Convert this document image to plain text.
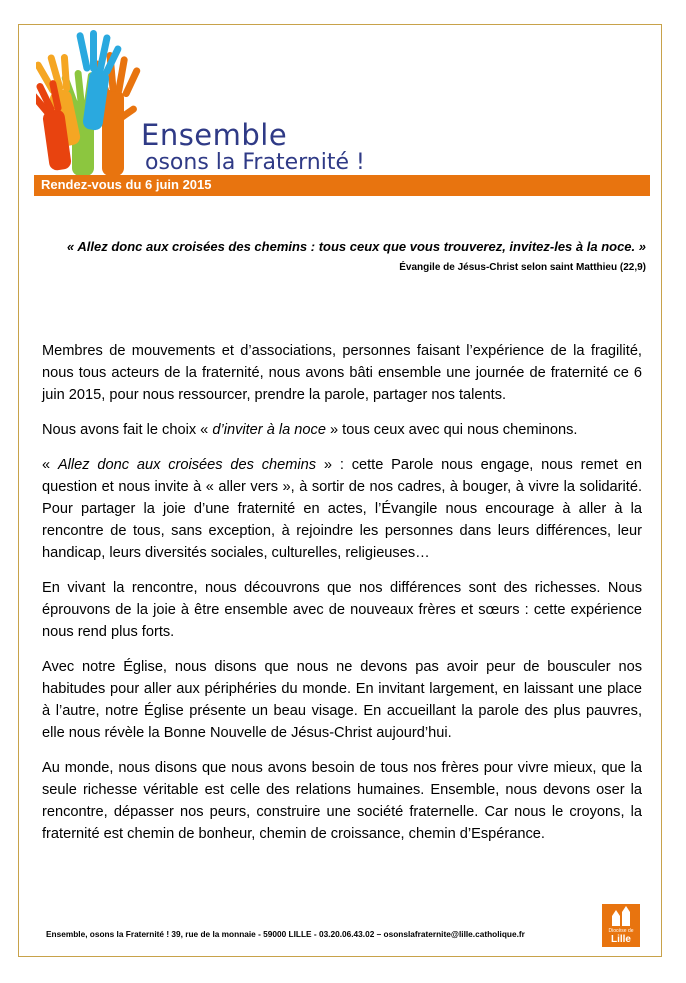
Ensemble
osons la Fraternité !
Rendez-vous du 6 juin 2015
« Allez donc aux croisées des chemins : tous ceux que vous trouverez, invitez-les à la noce. »
Évangile de Jésus-Christ selon saint Matthieu (22,9)

Membres de mouvements et d’associations, personnes faisant l’expérience de la fragilité, nous tous acteurs de la fraternité, nous avons bâti ensemble une journée de fraternité ce 6 juin 2015, pour nous ressourcer, prendre la parole, partager nos talents.

Nous avons fait le choix « d’inviter à la noce » tous ceux avec qui nous cheminons.

« Allez donc aux croisées des chemins » : cette Parole nous engage, nous remet en question et nous invite à « aller vers », à sortir de nos cadres, à bouger, à vivre la solidarité. Pour partager la joie d’une fraternité en actes, l’Évangile nous encourage à aller à la rencontre de tous, sans exception, à rejoindre les personnes dans leurs différences, leur handicap, leurs diversités sociales, culturelles, religieuses…

En vivant la rencontre, nous découvrons que nos différences sont des richesses. Nous éprouvons de la joie à être ensemble avec de nouveaux frères et sœurs : cette expérience nous rend plus forts.

Avec notre Église, nous disons que nous ne devons pas avoir peur de bousculer nos habitudes pour aller aux périphéries du monde. En invitant largement, en laissant une place à l’autre, notre Église présente un beau visage. En accueillant la parole des plus pauvres, elle nous révèle la Bonne Nouvelle de Jésus-Christ aujourd’hui.

Au monde, nous disons que nous avons besoin de tous nos frères pour vivre mieux, que la seule richesse véritable est celle des relations humaines. Ensemble, nous devons oser la rencontre, dépasser nos peurs, construire une société fraternelle. Car nous le croyons, la fraternité est chemin de bonheur, chemin de croissance, chemin d’Espérance.

Ensemble, osons la Fraternité ! 39, rue de la monnaie - 59000 LILLE - 03.20.06.43.02 – osonslafraternite@lille.catholique.fr	Diocèse de
Lille
